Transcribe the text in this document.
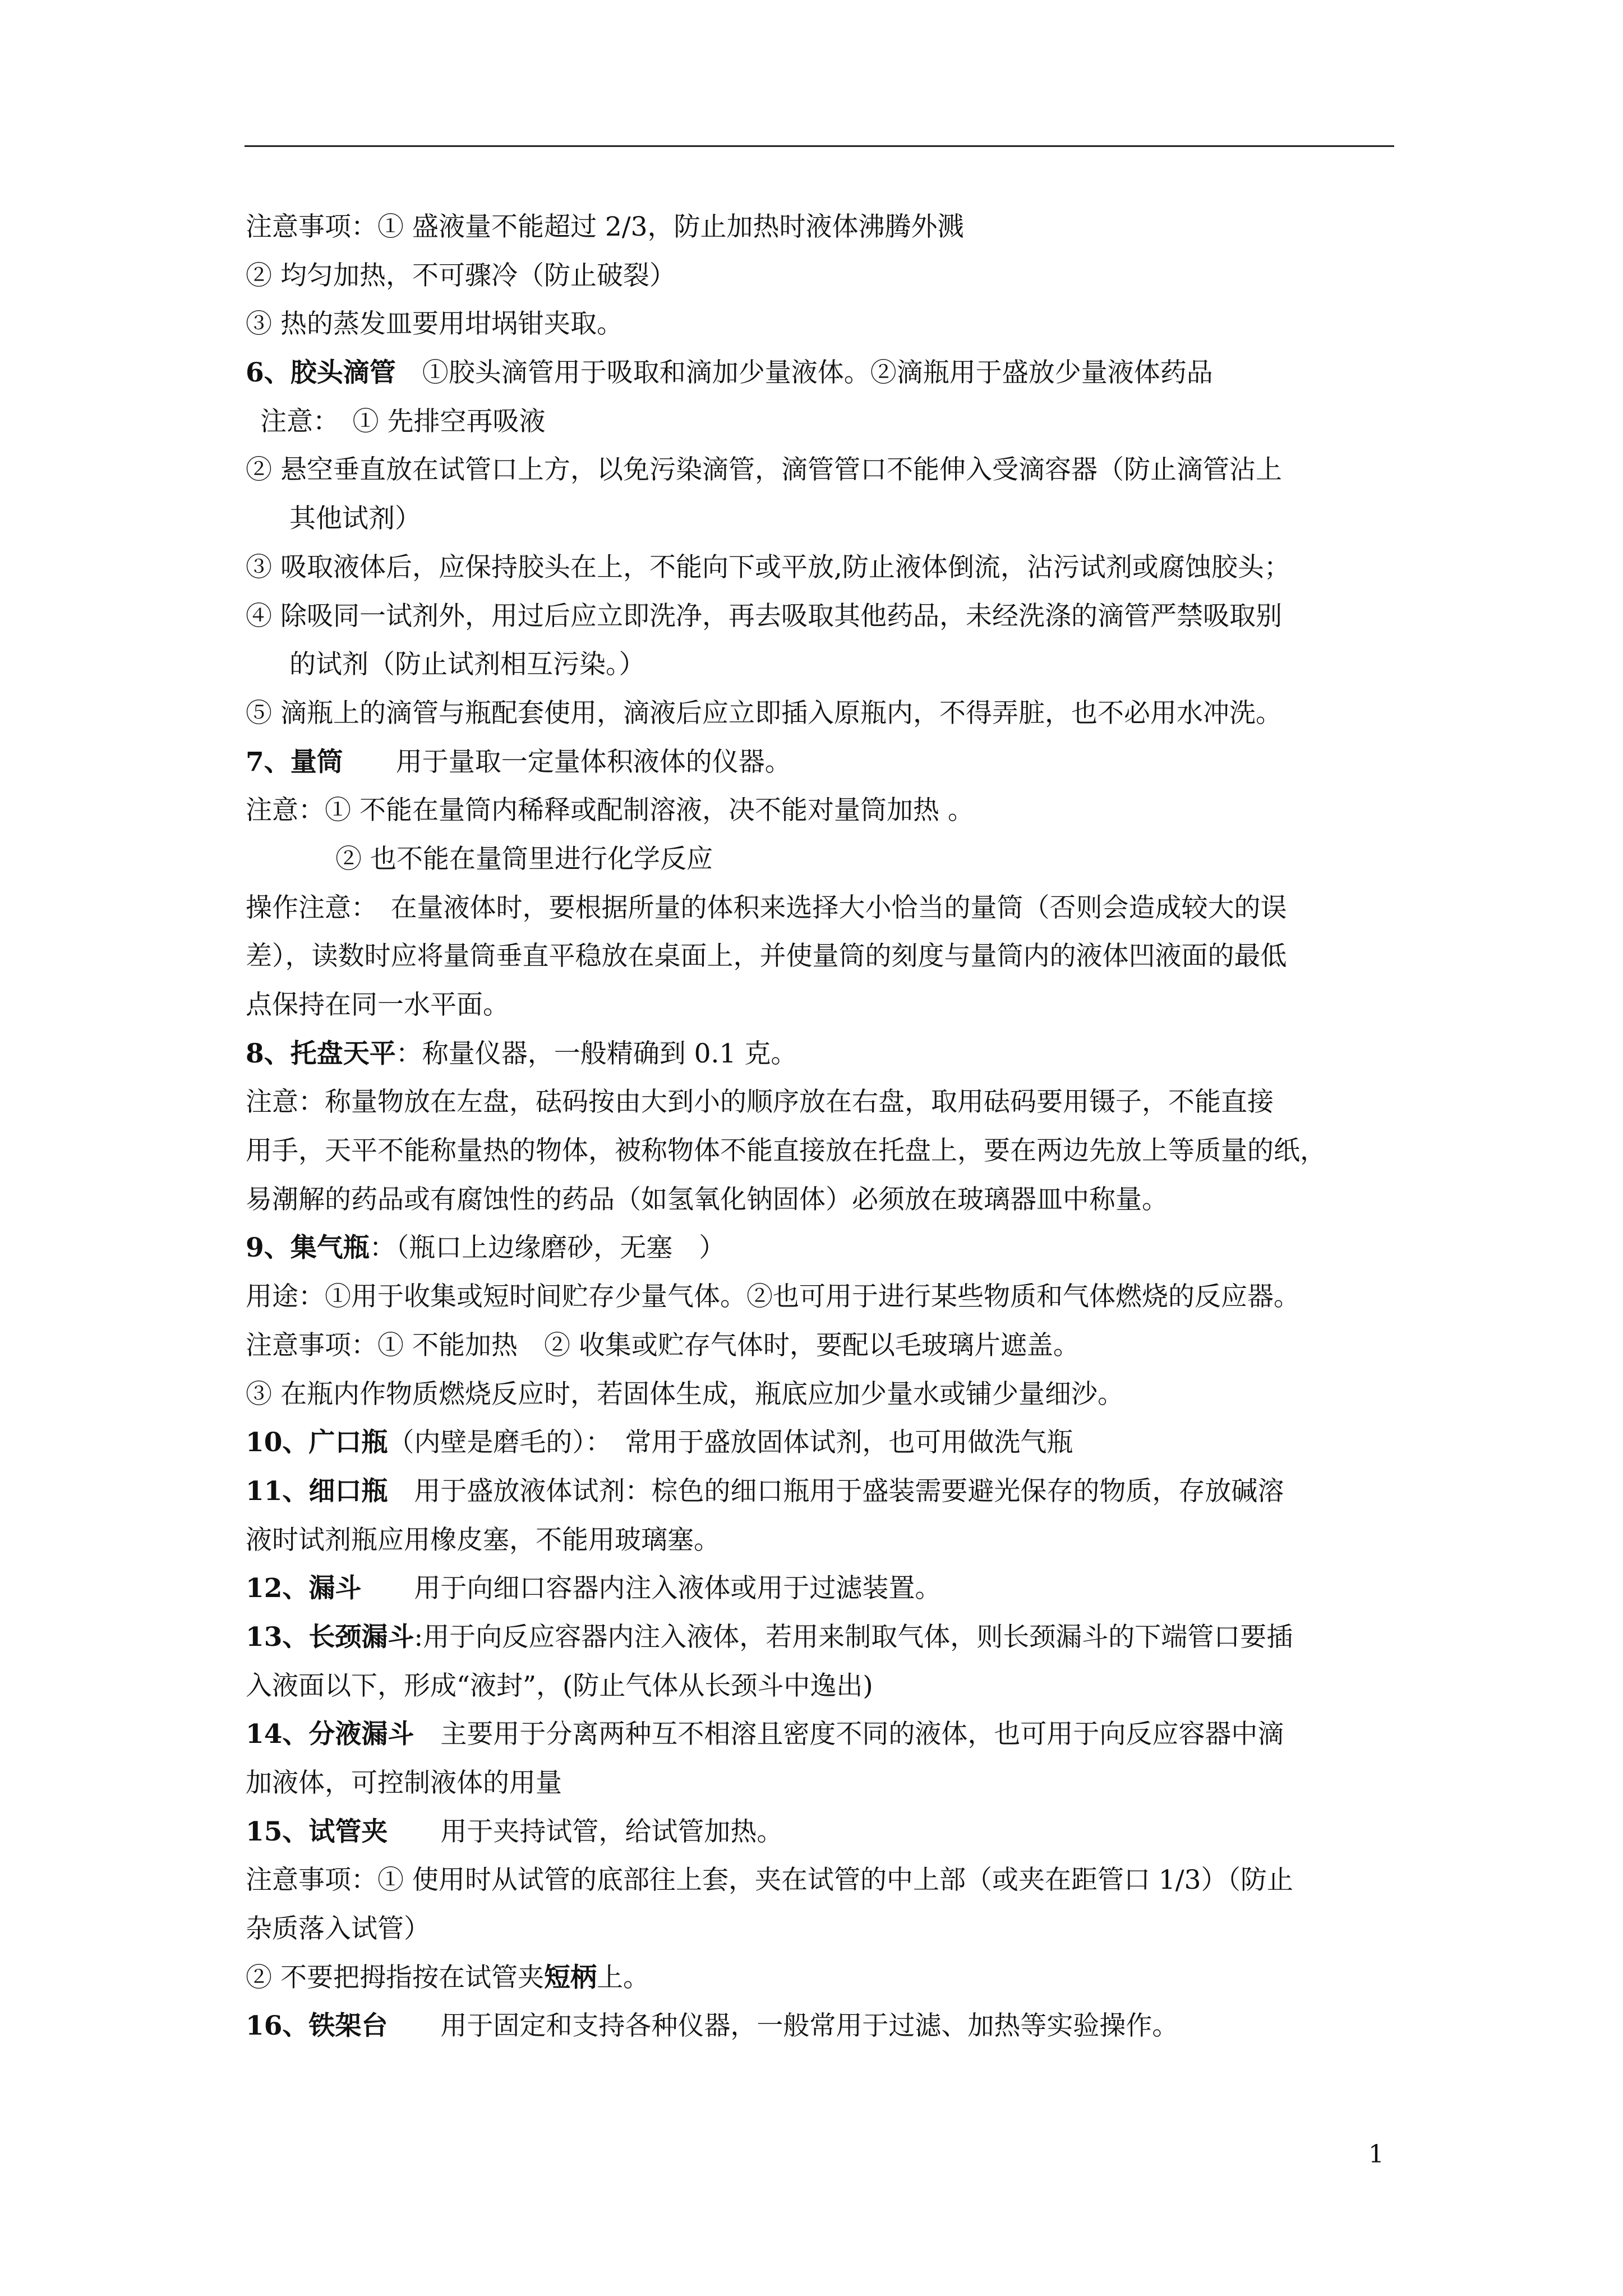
注意事项：① 盛液量不能超过 2/3，防止加热时液体沸腾外溅
② 均匀加热，不可骤冷（防止破裂）
③ 热的蒸发皿要用坩埚钳夹取。
6、胶头滴管　①胶头滴管用于吸取和滴加少量液体。②滴瓶用于盛放少量液体药品
注意：　① 先排空再吸液
② 悬空垂直放在试管口上方，以免污染滴管，滴管管口不能伸入受滴容器（防止滴管沾上
其他试剂）
③ 吸取液体后，应保持胶头在上，不能向下或平放,防止液体倒流，沾污试剂或腐蚀胶头；
④ 除吸同一试剂外，用过后应立即洗净，再去吸取其他药品，未经洗涤的滴管严禁吸取别
的试剂（防止试剂相互污染。）
⑤ 滴瓶上的滴管与瓶配套使用，滴液后应立即插入原瓶内，不得弄脏，也不必用水冲洗。
7、量筒　　用于量取一定量体积液体的仪器。
注意：① 不能在量筒内稀释或配制溶液，决不能对量筒加热 。
② 也不能在量筒里进行化学反应
操作注意：　在量液体时，要根据所量的体积来选择大小恰当的量筒（否则会造成较大的误
差），读数时应将量筒垂直平稳放在桌面上，并使量筒的刻度与量筒内的液体凹液面的最低
点保持在同一水平面。
8、托盘天平：称量仪器，一般精确到 0.1 克。
注意：称量物放在左盘，砝码按由大到小的顺序放在右盘，取用砝码要用镊子，不能直接
用手，天平不能称量热的物体，被称物体不能直接放在托盘上，要在两边先放上等质量的纸，
易潮解的药品或有腐蚀性的药品（如氢氧化钠固体）必须放在玻璃器皿中称量。
9、集气瓶：（瓶口上边缘磨砂，无塞　）
用途：①用于收集或短时间贮存少量气体。②也可用于进行某些物质和气体燃烧的反应器。
注意事项：① 不能加热　② 收集或贮存气体时，要配以毛玻璃片遮盖。
③ 在瓶内作物质燃烧反应时，若固体生成，瓶底应加少量水或铺少量细沙。
10、广口瓶（内壁是磨毛的）：　常用于盛放固体试剂，也可用做洗气瓶
11、细口瓶　用于盛放液体试剂：棕色的细口瓶用于盛装需要避光保存的物质，存放碱溶
液时试剂瓶应用橡皮塞，不能用玻璃塞。
12、漏斗　　用于向细口容器内注入液体或用于过滤装置。
13、长颈漏斗:用于向反应容器内注入液体，若用来制取气体，则长颈漏斗的下端管口要插
入液面以下，形成“液封”，(防止气体从长颈斗中逸出)
14、分液漏斗　主要用于分离两种互不相溶且密度不同的液体，也可用于向反应容器中滴
加液体，可控制液体的用量
15、试管夹　　用于夹持试管，给试管加热。
注意事项：① 使用时从试管的底部往上套，夹在试管的中上部（或夹在距管口 1/3）（防止
杂质落入试管）
② 不要把拇指按在试管夹短柄上。
16、铁架台　　用于固定和支持各种仪器，一般常用于过滤、加热等实验操作。
1
